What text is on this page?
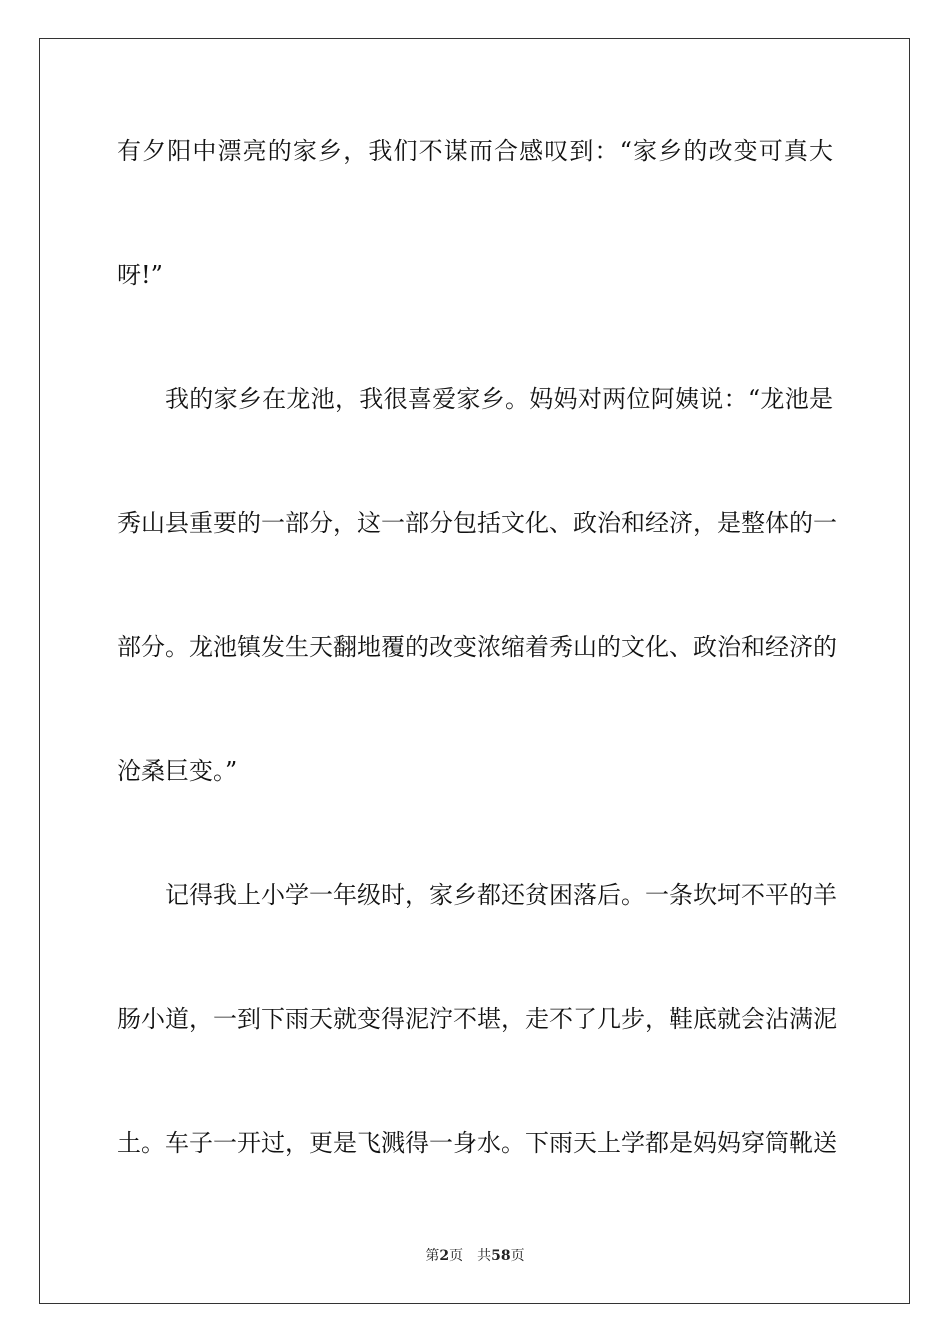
有夕阳中漂亮的家乡，我们不谋而合感叹到：“家乡的改变可真大
呀!”
我的家乡在龙池，我很喜爱家乡。妈妈对两位阿姨说：“龙池是
秀山县重要的一部分，这一部分包括文化、政治和经济，是整体的一
部分。龙池镇发生天翻地覆的改变浓缩着秀山的文化、政治和经济的
沧桑巨变。”
记得我上小学一年级时，家乡都还贫困落后。一条坎坷不平的羊
肠小道，一到下雨天就变得泥泞不堪，走不了几步，鞋底就会沾满泥
土。车子一开过，更是飞溅得一身水。下雨天上学都是妈妈穿筒靴送
第2页 共58页
